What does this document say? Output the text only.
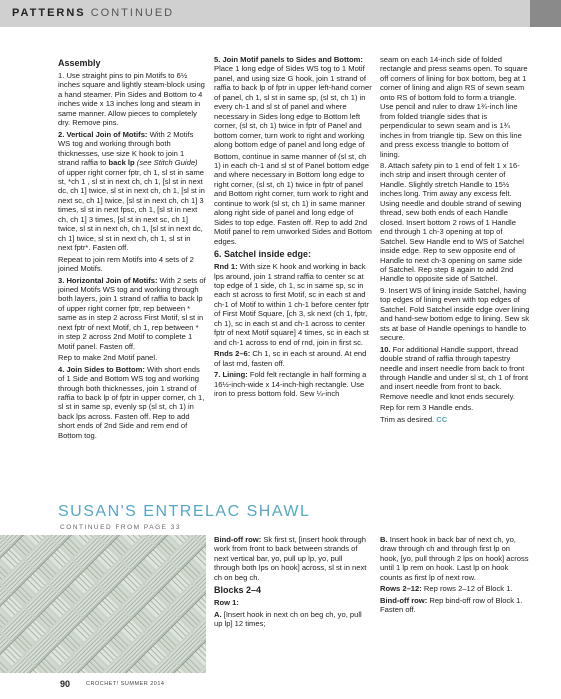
PATTERNS CONTINUED
Assembly

1. Use straight pins to pin Motifs to 6½ inches square and lightly steam-block using a hand steamer. Pin Sides and Bottom to 4 inches wide x 13 inches long and steam in same manner. Allow pieces to completely dry. Remove pins.

2. Vertical Join of Motifs: With 2 Motifs WS tog and working through both thicknesses, use size K hook to join 1 strand raffia to back lp (see Stitch Guide) of upper right corner fptr, ch 1, sl st in same st, *ch 1 , sl st in next ch, ch 1, [sl st in next dc, ch 1] twice, sl st in next ch, ch 1, [sl st in next sc, ch 1] twice, [sl st in next ch, ch 1] 3 times, sl st in next fpsc, ch 1, [sl st in next ch, ch 1] 3 times, [sl st in next sc, ch 1] twice, sl st in next ch, ch 1, [sl st in next dc, ch 1] twice, sl st in next ch, ch 1, sl st in next fptr*. Fasten off.

Repeat to join rem Motifs into 4 sets of 2 joined Motifs.

3. Horizontal Join of Motifs: With 2 sets of joined Motifs WS tog and working through both layers, join 1 strand of raffia to back lp of upper right corner fptr, rep between * same as in step 2 across First Motif, sl st in next fptr of next Motif, ch 1, rep between * in step 2 across 2nd Motif to complete 1 Motif panel. Fasten off.

Rep to make 2nd Motif panel.

4. Join Sides to Bottom: With short ends of 1 Side and Bottom WS tog and working through both thicknesses, join 1 strand of raffia to back lp of fptr in upper corner, ch 1, sl st in same sp, evenly sp (sl st, ch 1) in back lps across. Fasten off. Rep to add short ends of 2nd Side and rem end of Bottom tog.

5. Join Motif panels to Sides and Bottom: Place 1 long edge of Sides WS tog to 1 Motif panel, and using size G hook, join 1 strand of raffia to back lp of fptr in upper left-hand corner of panel, ch 1, sl st in same sp, (sl st, ch 1) in every ch-1 and sl st of panel and where necessary in Sides long edge to Bottom left corner, (sl st, ch 1) twice in fptr of Panel and bottom corner, turn work to right and working along bottom edge of panel and long edge of

Bottom, continue in same manner of (sl st, ch 1) in each ch-1 and sl st of Panel bottom edge and where necessary in Bottom long edge to right corner, (sl st, ch 1) twice in fptr of panel and Bottom right corner, turn work to right and continue to work (sl st, ch 1) in same manner along right side of panel and long edge of Sides to top edge. Fasten off. Rep to add 2nd Motif panel to rem unworked Sides and Bottom edges.

6. Satchel inside edge:

Rnd 1: With size K hook and working in back lps around, join 1 strand raffia to center sc at top edge of 1 side, ch 1, sc in same sp, sc in each st across to first Motif, sc in each st and ch-1 of Motif to within 1 ch-1 before center fptr of First Motif Square, [ch 3, sk next (ch 1, fptr, ch 1), sc in each st and ch-1 across to center fptr of next Motif square] 4 times, sc in each st and ch-1 across to end of rnd, join in first sc.

Rnds 2–6: Ch 1, sc in each st around. At end of last rnd, fasten off.

7. Lining: Fold felt rectangle in half forming a 16½-inch-wide x 14-inch-high rectangle. Use iron to press bottom fold. Sew ¼-inch

seam on each 14-inch side of folded rectangle and press seams open. To square off corners of lining for box bottom, beg at 1 corner of lining and align RS of sewn seam onto RS of bottom fold to form a triangle. Use pencil and ruler to draw 1¾-inch line from folded triangle sides that is perpendicular to sewn seam and is 1¾ inches in from triangle tip. Sew on this line and press excess triangle to bottom of lining.

8. Attach safety pin to 1 end of felt 1 x 16-inch strip and insert through center of Handle. Slightly stretch Handle to 15½ inches long. Trim away any excess felt. Using needle and double strand of sewing thread, sew both ends of each Handle closed. Insert bottom 2 rows of 1 Handle end through 1 ch-3 opening at top of Satchel. Sew Handle end to WS of Satchel inside edge. Rep to sew opposite end of Handle to next ch-3 opening on same side of Satchel. Rep step 8 again to add 2nd Handle to opposite side of Satchel.

9. Insert WS of lining inside Satchel, having top edges of lining even with top edges of Satchel. Fold Satchel inside edge over lining and hand-sew bottom edge to lining. Sew sk sts at base of Handle openings to handle to secure.

10. For additional Handle support, thread double strand of raffia through tapestry needle and insert needle from back to front through Handle and under sl st, ch 1 of front and insert needle from front to back. Remove needle and knot ends securely.

Rep for rem 3 Handle ends.

Trim as desired. CC

SUSAN'S ENTRELAC SHAWL
CONTINUED FROM PAGE 33

Bind-off row: Sk first st, [insert hook through work from front to back between strands of next vertical bar, yo, pull up lp, yo, pull through both lps on hook] across, sl st in next ch on beg ch.

Blocks 2–4

Row 1:

A. [Insert hook in next ch on beg ch, yo, pull up lp] 12 times;

B. Insert hook in back bar of next ch, yo, draw through ch and through first lp on hook, [yo, pull through 2 lps on hook] across until 1 lp rem on hook. Last lp on hook counts as first lp of next row.

Rows 2–12: Rep rows 2–12 of Block 1.

Bind-off row: Rep bind-off row of Block 1. Fasten off.

90	CROCHET! SUMMER 2014
